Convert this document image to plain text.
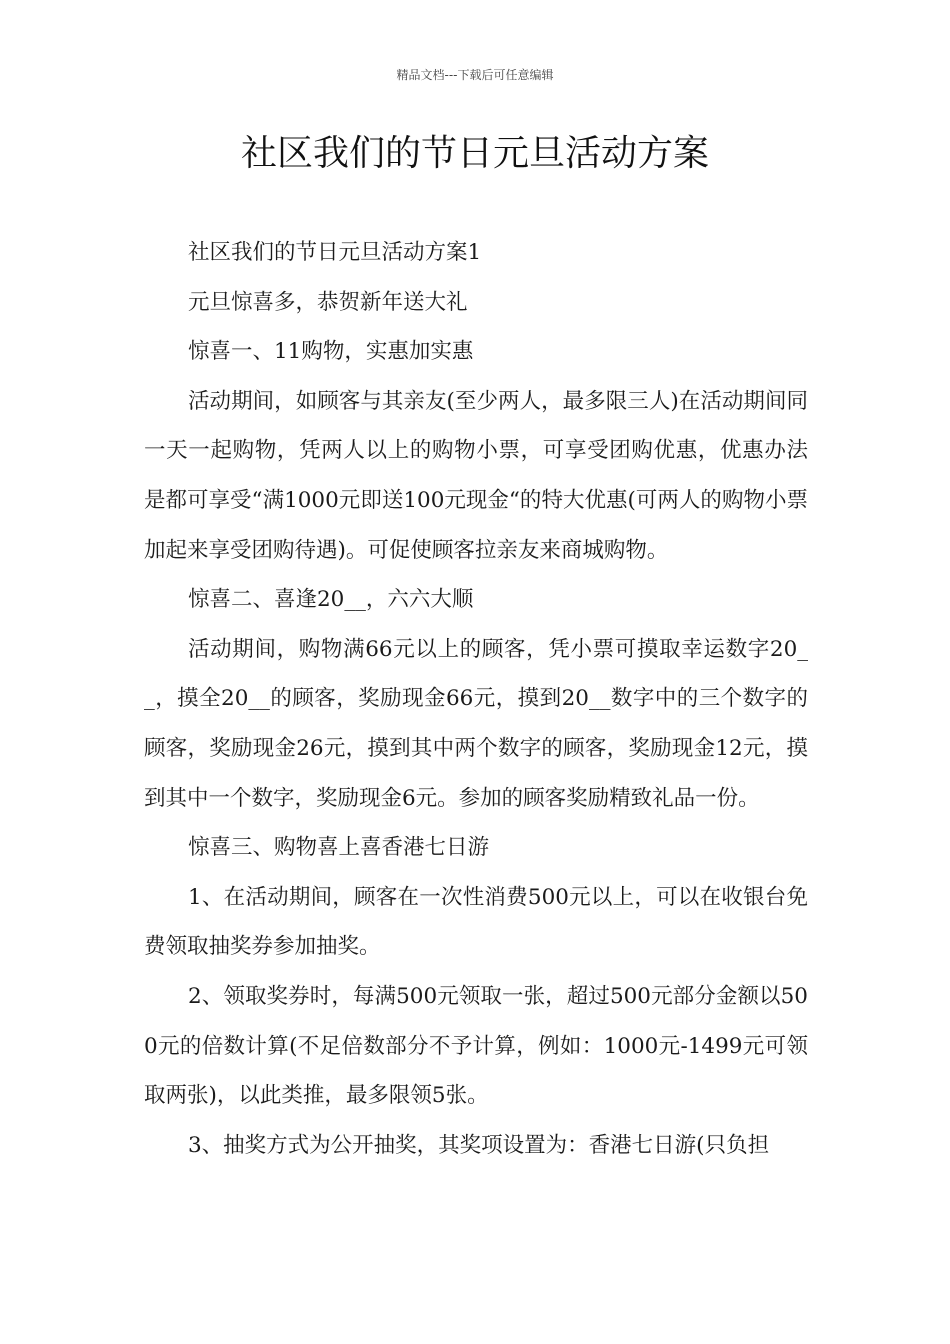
精品文档---下载后可任意编辑
社区我们的节日元旦活动方案

社区我们的节日元旦活动方案1

元旦惊喜多，恭贺新年送大礼

惊喜一、11购物，实惠加实惠

活动期间，如顾客与其亲友(至少两人，最多限三人)在活动期间同一天一起购物，凭两人以上的购物小票，可享受团购优惠，优惠办法是都可享受“满1000元即送100元现金“的特大优惠(可两人的购物小票加起来享受团购待遇)。可促使顾客拉亲友来商城购物。

惊喜二、喜逢20__，六六大顺

活动期间，购物满66元以上的顾客，凭小票可摸取幸运数字20__，摸全20__的顾客，奖励现金66元，摸到20__数字中的三个数字的顾客，奖励现金26元，摸到其中两个数字的顾客，奖励现金12元，摸到其中一个数字，奖励现金6元。参加的顾客奖励精致礼品一份。

惊喜三、购物喜上喜香港七日游

1、在活动期间，顾客在一次性消费500元以上，可以在收银台免费领取抽奖券参加抽奖。

2、领取奖券时，每满500元领取一张，超过500元部分金额以500元的倍数计算(不足倍数部分不予计算，例如：1000元-1499元可领取两张)，以此类推，最多限领5张。

3、抽奖方式为公开抽奖，其奖项设置为：香港七日游(只负担
